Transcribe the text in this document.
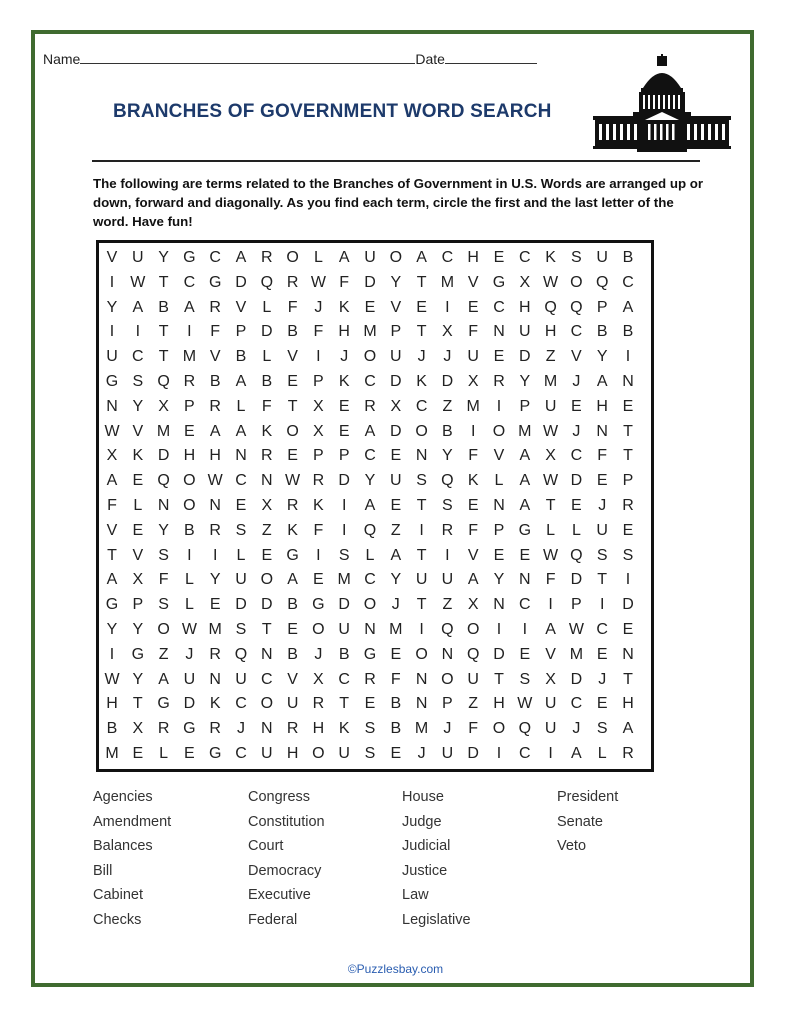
Name	Date
BRANCHES OF GOVERNMENT WORD SEARCH
The following are terms related to the Branches of Government in U.S. Words are arranged up or down, forward and diagonally. As you find each term, circle the first and the last letter of the word. Have fun!
V U Y G C A R O L	A U O A C H E C K S U B
I	W T C G D Q R W F D Y T M V G X W O Q C
Y A B A R V	L	F	J	K E V E	I	E C H Q Q P A
I	I	T	I	F P D B F H M P T X F N U H C B B
U C T M V B	L	V	I	J O U	J	J	U E D Z V Y	I
G S Q R B A B E P K C D K D X R Y M J	A N
N Y X P R L	F	T X E R X C Z M	I	P U E H E
W V M E A A K O X E A D O B	I	O M W J	N T
X K D H H N R E P P C E N Y F V A X C F	T
A E Q O W C N W R D Y U S Q K	L	A W D E P
F	L N O N E X R K	I	A E T S E N A T E	J	R
V E Y B R S Z K F	I	Q Z	I	R F P G L	L U E
T V S	I	I	L	E G	I	S	L	A T	I	V E E W Q S S
A X F	L	Y U O A E M C Y U U A Y N F D T	I
G P S	L	E D D B G D O J	T	Z X N C	I	P	I	D
Y Y O W M S T E O U N M	I	Q O	I	I	A W C E
I	G Z	J	R Q N B	J	B G E O N Q D E V M E N
W Y A U N U C V X C R F N O U T S X D	J	T
H T G D K C O U R T E B N P Z H W U C E H
B X R G R	J	N R H K S B M J	F O Q U	J	S A
M E	L	E G C U H O U S E	J	U D	I	C	I	A	L R
Agencies
Amendment
Balances
Bill
Cabinet
Checks
Congress
Constitution
Court
Democracy
Executive
Federal
House
Judge
Judicial
Justice
Law
Legislative
President
Senate
Veto
©Puzzlesbay.com
